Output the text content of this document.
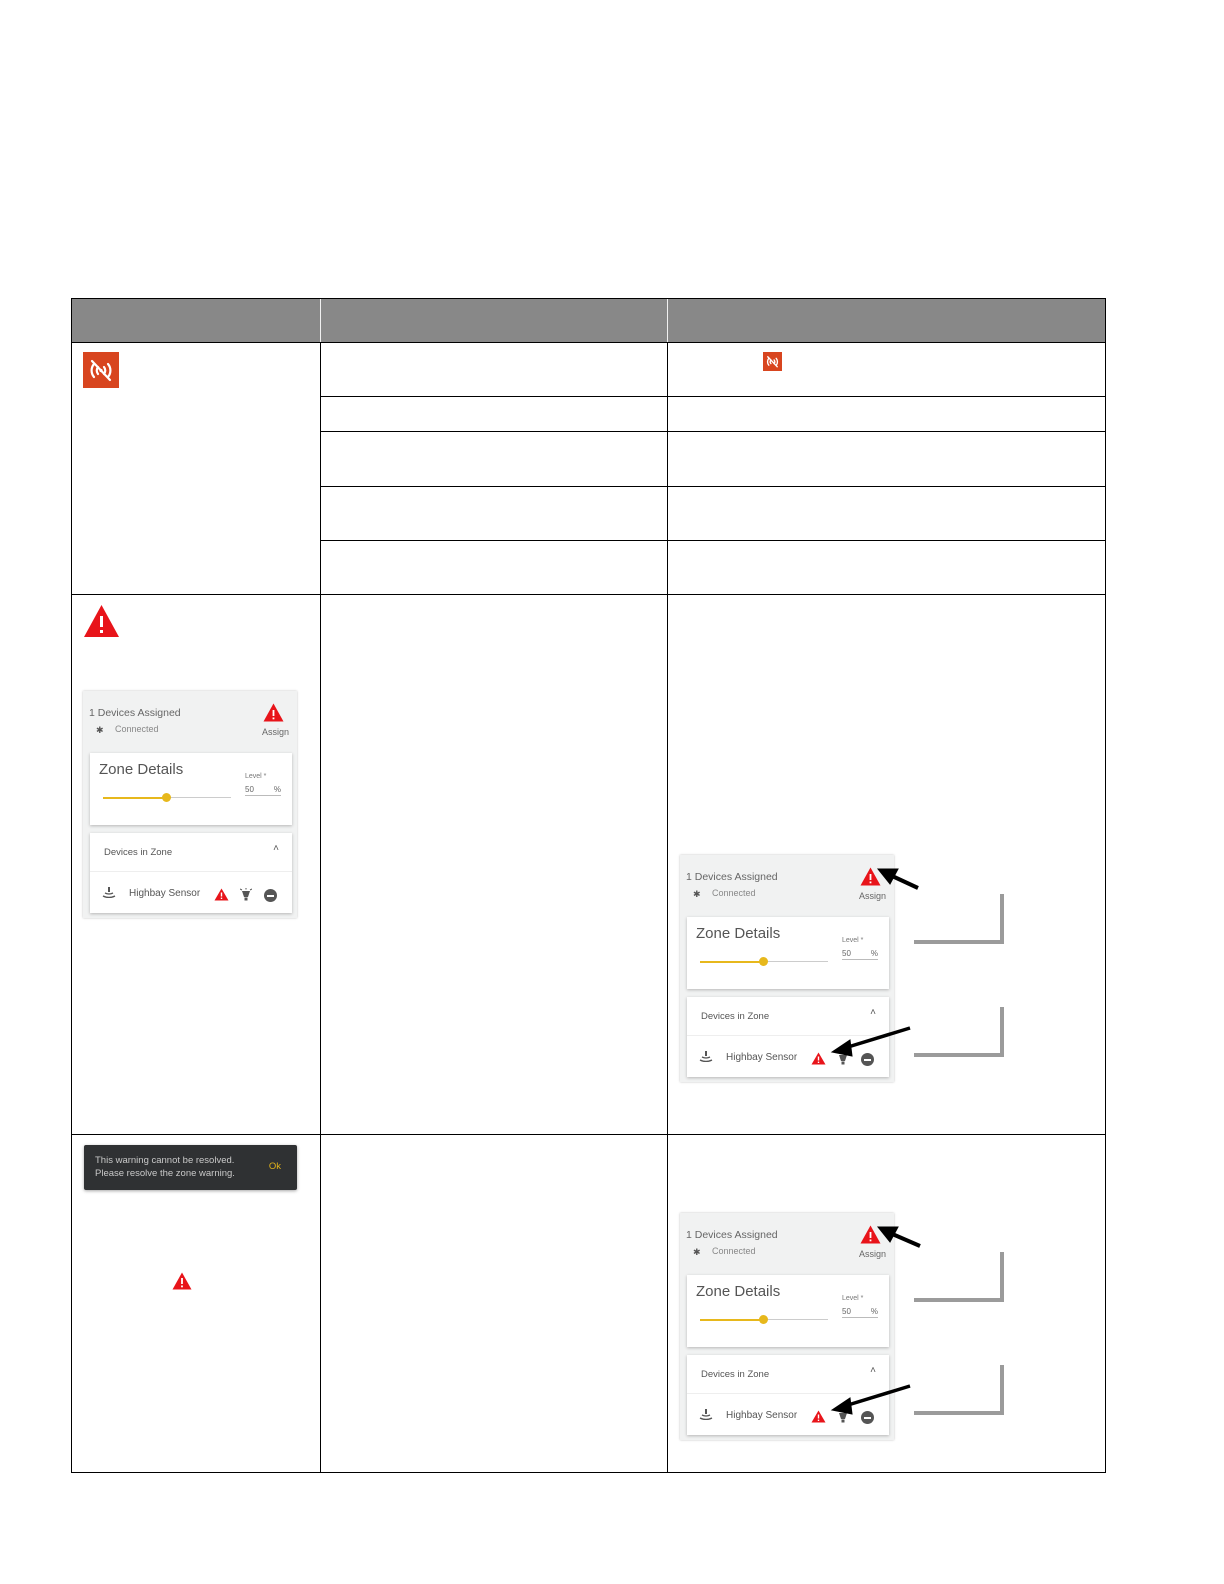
1 Devices Assigned
✱ Connected	Assign
Zone Details	Level *
50 %
Devices in Zone	˄
Highbay Sensor
1 Devices Assigned
✱ Connected	Assign
Zone Details	Level *
50 %
Devices in Zone	˄
Highbay Sensor
This warning cannot be resolved.
Please resolve the zone warning.
Ok
1 Devices Assigned
✱ Connected	Assign
Zone Details	Level *
50 %
Devices in Zone	˄
Highbay Sensor
